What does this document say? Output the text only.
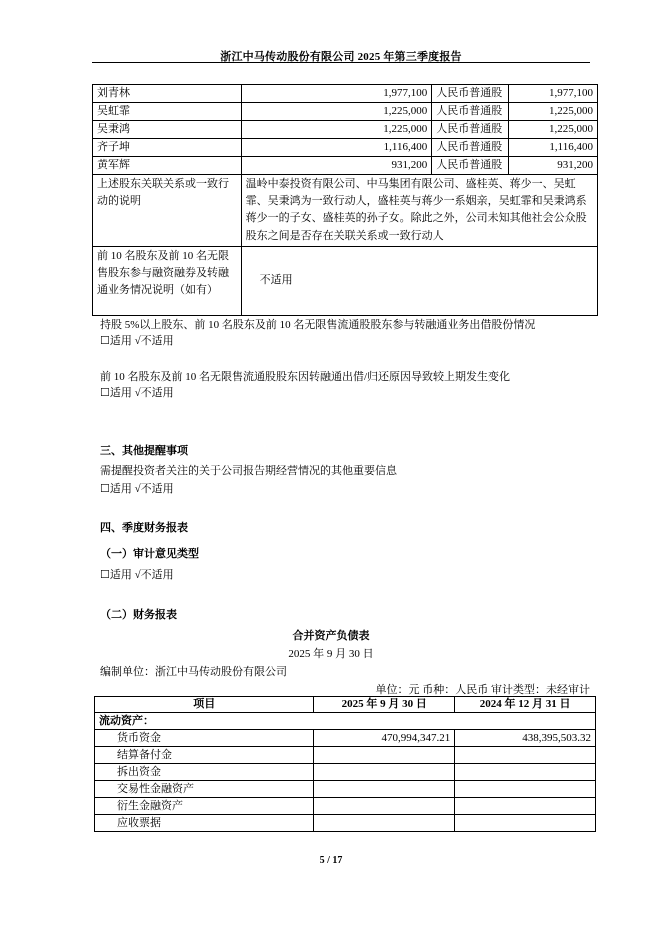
浙江中马传动股份有限公司 2025 年第三季度报告
刘青林	1,977,100	人民币普通股	1,977,100
吴虹霏	1,225,000	人民币普通股	1,225,000
吴秉鸿	1,225,000	人民币普通股	1,225,000
齐子坤	1,116,400	人民币普通股	1,116,400
黄军辉	931,200	人民币普通股	931,200
上述股东关联关系或一致行动的说明	温岭中泰投资有限公司、中马集团有限公司、盛桂英、蒋少一、吴虹霏、吴秉鸿为一致行动人，盛桂英与蒋少一系姻亲，吴虹霏和吴秉鸿系蒋少一的子女、盛桂英的孙子女。除此之外，公司未知其他社会公众股股东之间是否存在关联关系或一致行动人		
前 10 名股东及前 10 名无限售股东参与融资融券及转融通业务情况说明（如有）	不适用		
持股 5%以上股东、前 10 名股东及前 10 名无限售流通股股东参与转融通业务出借股份情况
☐适用 √不适用
前 10 名股东及前 10 名无限售流通股股东因转融通出借/归还原因导致较上期发生变化
☐适用 √不适用
三、其他提醒事项
需提醒投资者关注的关于公司报告期经营情况的其他重要信息
☐适用 √不适用
四、季度财务报表
（一）审计意见类型
☐适用 √不适用
（二）财务报表
合并资产负债表
2025 年 9 月 30 日
编制单位：浙江中马传动股份有限公司
单位：元 币种：人民币 审计类型：未经审计
项目	2025 年 9 月 30 日	2024 年 12 月 31 日
流动资产：		
货币资金	470,994,347.21	438,395,503.32
结算备付金		
拆出资金		
交易性金融资产		
衍生金融资产		
应收票据		
5 / 17
